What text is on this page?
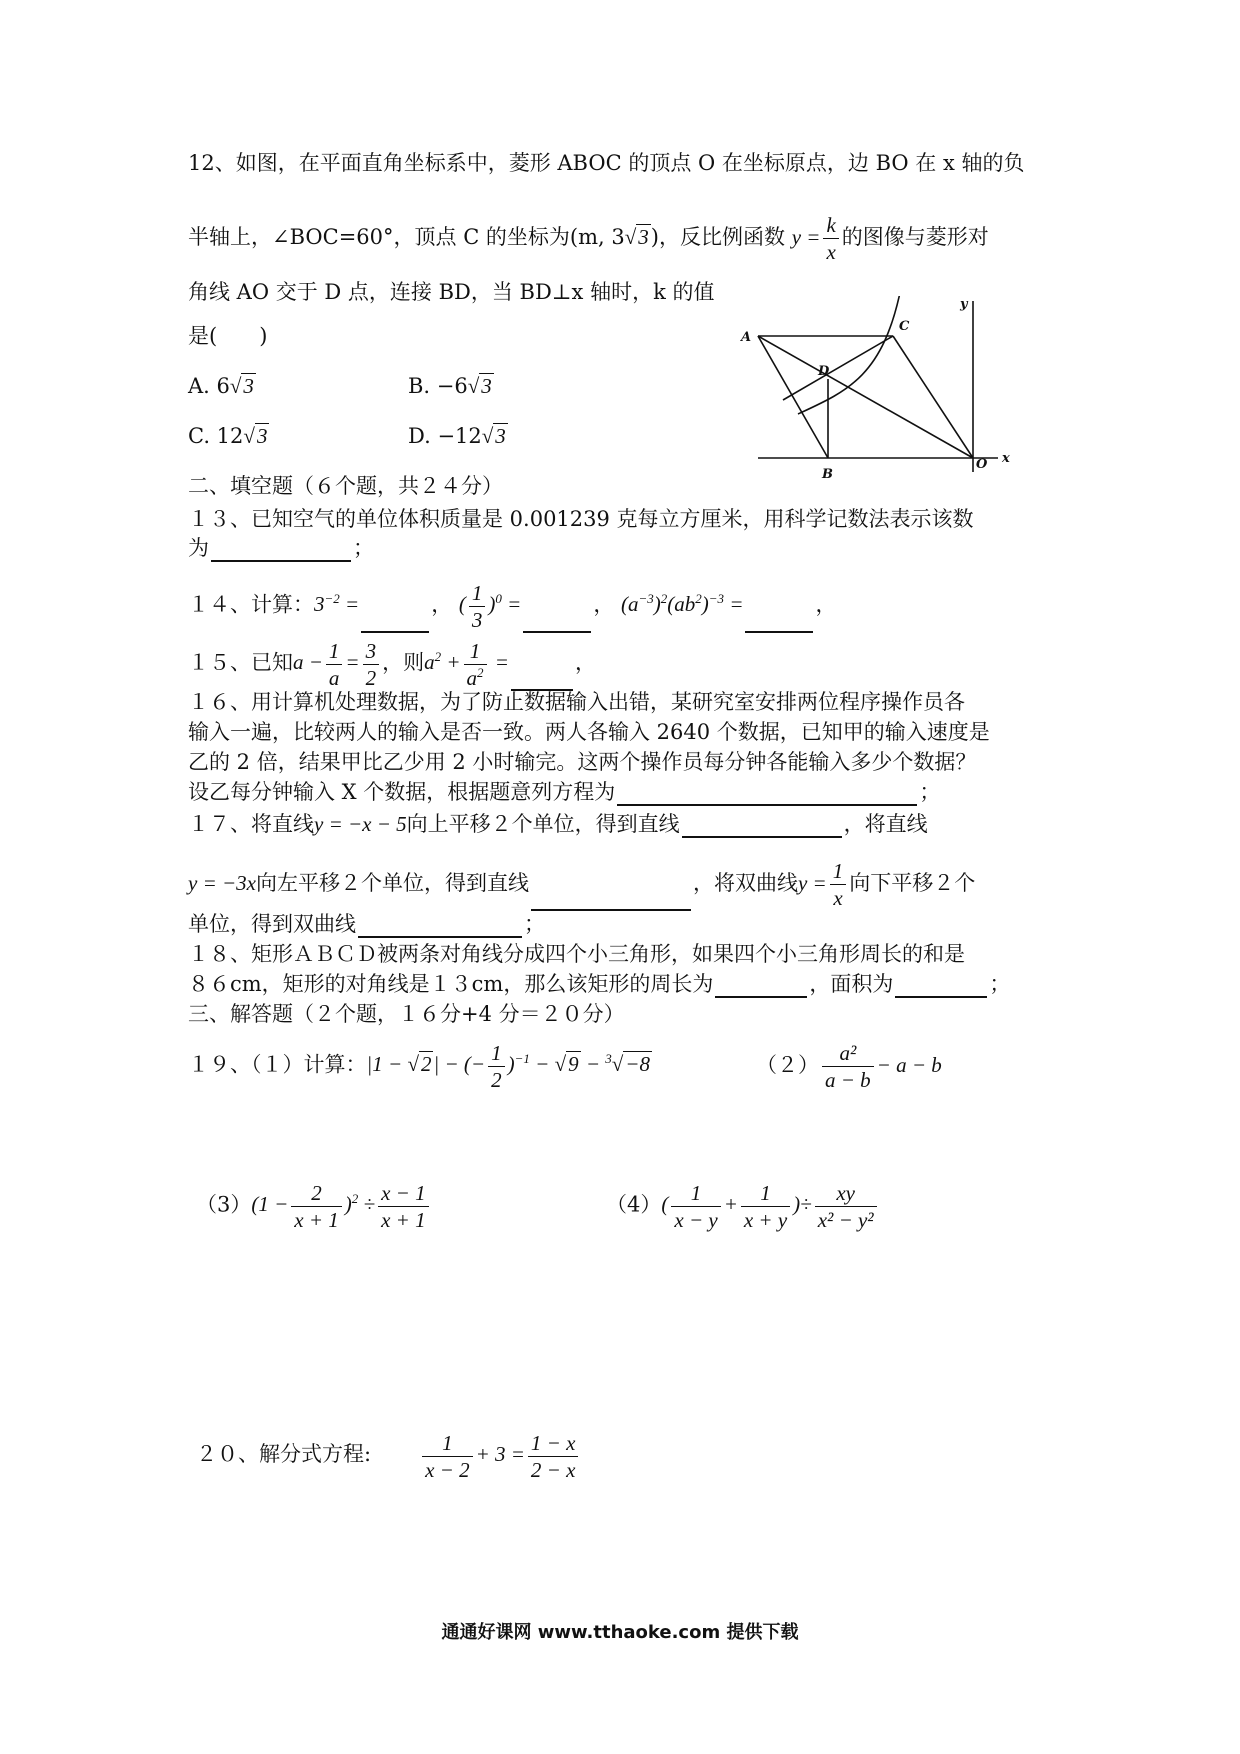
12、如图，在平面直角坐标系中，菱形 ABOC 的顶点 O 在坐标原点，边 BO 在 x 轴的负
半轴上，∠BOC=60°，顶点 C 的坐标为(m, 3√3)，反比例函数 $y = \frac{k}{x}$ 的图像与菱形对
角线 AO 交于 D 点，连接 BD，当 BD⊥x 轴时，k 的值
是(　　)
A. 6√3	B. −6√3
C. 12√3	D. −12√3
A
C
D
B
O x
y
二、填空题（６个题，共２４分）
１３、已知空气的单位体积质量是 0.001239 克每立方厘米，用科学记数法表示该数
为	；
１４、计算：$3^{-2}$ =	， ( $\frac{1}{3} )^0$ =	， $(a^{-3})^2(ab^2)^{-3}$ =	，
１５、已知$a - \frac{1}{a} = \frac{3}{2}$ ，则$a^2 + \frac{1}{a^2}$ =	，
１６、用计算机处理数据，为了防止数据输入出错，某研究室安排两位程序操作员各
输入一遍，比较两人的输入是否一致。两人各输入 2640 个数据，已知甲的输入速度是
乙的 2 倍，结果甲比乙少用 2 小时输完。这两个操作员每分钟各能输入多少个数据？
设乙每分钟输入 X 个数据，根据题意列方程为	；
１７、将直线y = −x − 5向上平移２个单位，得到直线	，将直线
y = −3x向左平移２个单位，得到直线	，将双曲线$y = \frac{1}{x}$ 向下平移２个
单位，得到双曲线	；
１８、矩形ＡＢＣＤ被两条对角线分成四个小三角形，如果四个小三角形周长的和是
８６cm，矩形的对角线是１３cm，那么该矩形的周长为	，面积为	；
三、解答题（２个题，１６分+4 分＝２０分）
１９、（１）计算：|1 − √2| − (− $\frac{1}{2} )^{-1} - √9 - ^3√-8$	$(2) \frac{\text{a²}}{a - b} - a - b$
$(3)(1 - \frac{2}{x + 1} )^2 \div \frac{x - 1}{x + 1}$	$(4)( \frac{1}{x - y} + \frac{1}{x + y}$ )÷ $\frac{xy}{\text{x² − y²}}$
２０、解分式方程: $\frac{1}{x - 2} + 3 = \frac{1 - x}{2 - x}$
通通好课网 www.tthaoke.com 提供下载
